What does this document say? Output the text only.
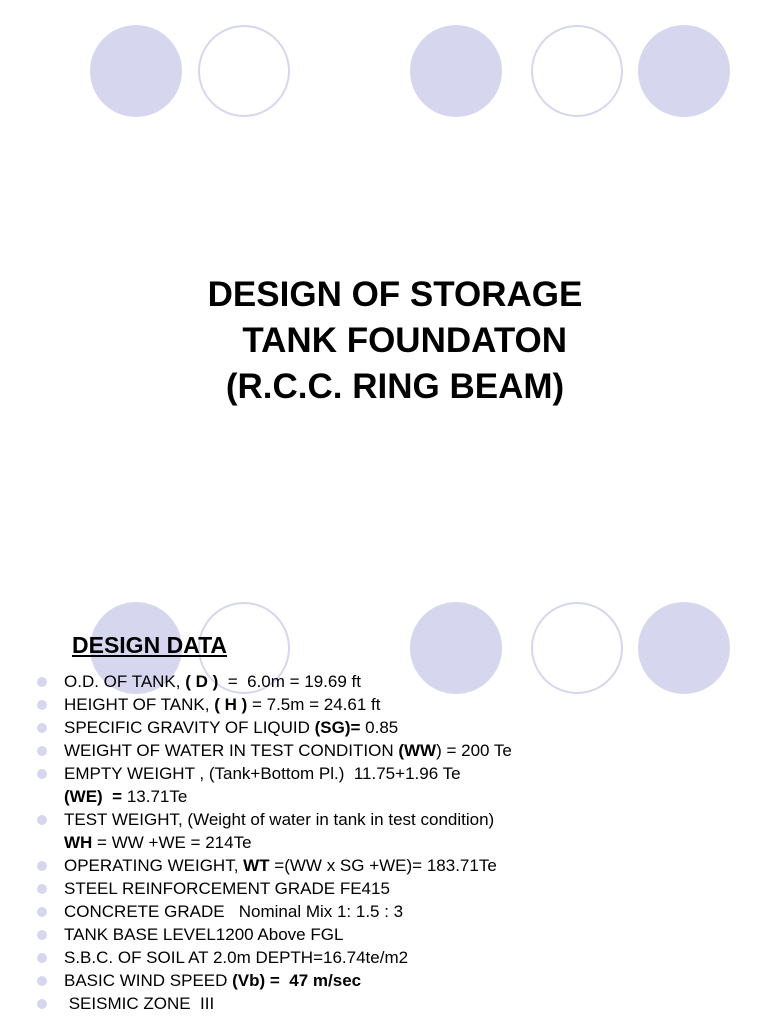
DESIGN OF STORAGE
TANK FOUNDATON
(R.C.C. RING BEAM)
DESIGN DATA
O.D. OF TANK, ( D )  =  6.0m = 19.69 ft
HEIGHT OF TANK, ( H ) = 7.5m = 24.61 ft
SPECIFIC GRAVITY OF LIQUID (SG)= 0.85
WEIGHT OF WATER IN TEST CONDITION (WW) = 200 Te
EMPTY WEIGHT , (Tank+Bottom Pl.)  11.75+1.96 Te
(WE)  = 13.71Te
TEST WEIGHT, (Weight of water in tank in test condition)
WH = WW +WE = 214Te
OPERATING WEIGHT, WT =(WW x SG +WE)= 183.71Te
STEEL REINFORCEMENT GRADE FE415
CONCRETE GRADE   Nominal Mix 1: 1.5 : 3
TANK BASE LEVEL1200 Above FGL
S.B.C. OF SOIL AT 2.0m DEPTH=16.74te/m2
BASIC WIND SPEED (Vb) =  47 m/sec
SEISMIC ZONE  III
